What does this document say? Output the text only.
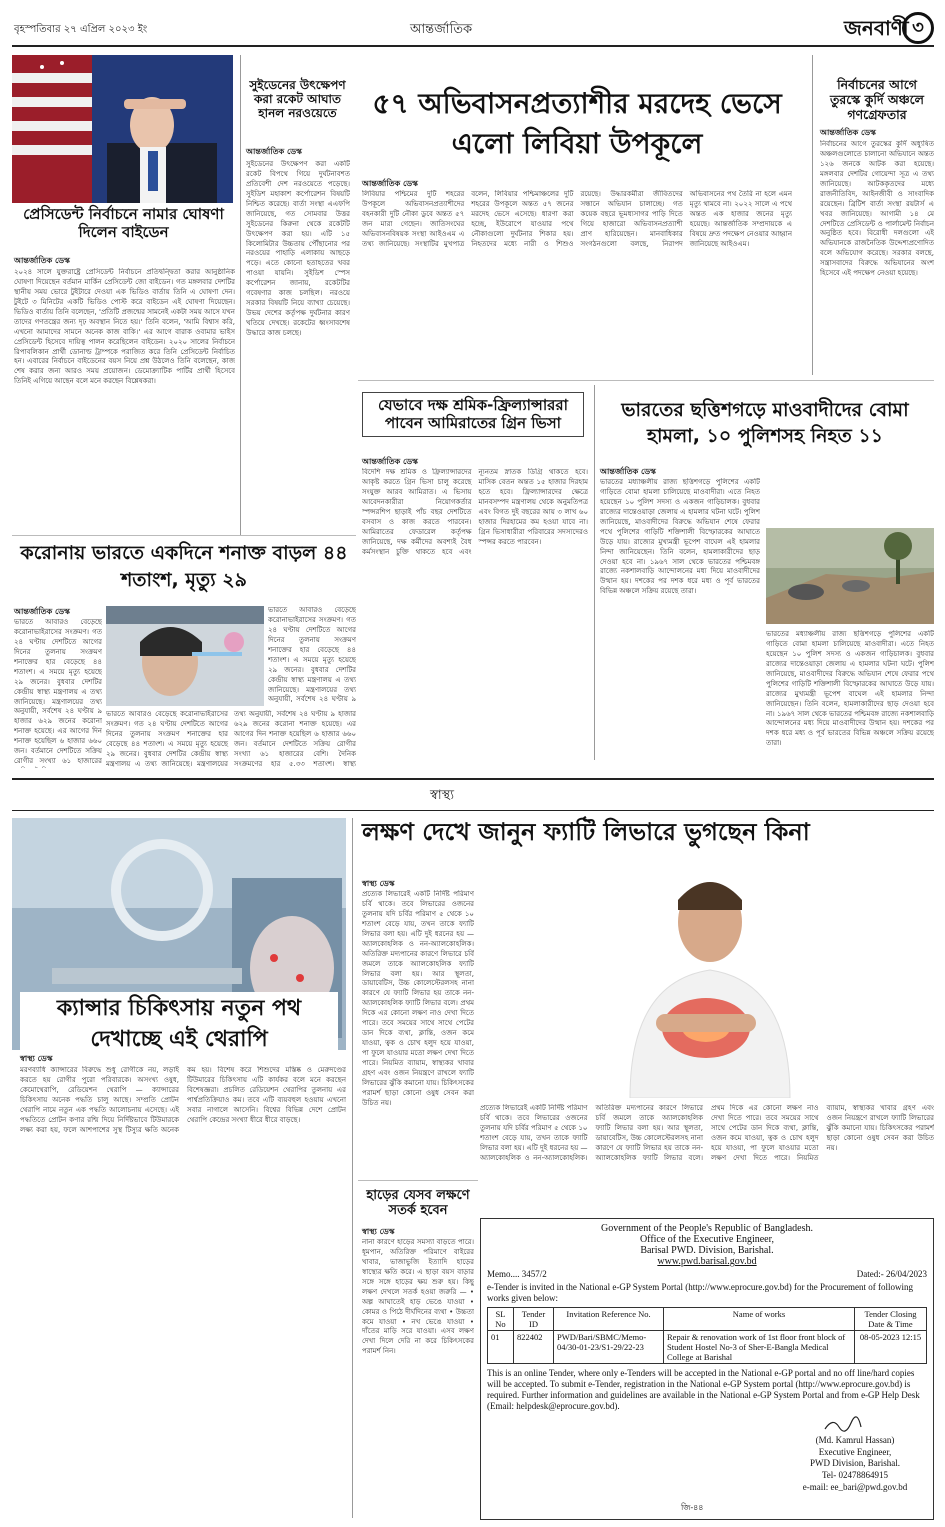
বৃহস্পতিবার ২৭ এপ্রিল ২০২৩ ইং	আন্তর্জাতিক	জনবাণী ৩
প্রেসিডেন্ট নির্বাচনে নামার ঘোষণা দিলেন বাইডেন
আন্তর্জাতিক ডেস্ক
২০২৪ সালে যুক্তরাষ্ট্রে প্রেসিডেন্ট নির্বাচনে প্রতিদ্বন্দ্বিতা করার আনুষ্ঠানিক ঘোষণা দিয়েছেন বর্তমান মার্কিন প্রেসিডেন্ট জো বাইডেন। গত মঙ্গলবার দেশটির স্থানীয় সময় ভোরে টুইটারে দেওয়া এক ভিডিও বার্তায় তিনি এ ঘোষণা দেন। টুইটে ৩ মিনিটের একটি ভিডিও পোস্ট করে বাইডেন এই ঘোষণা দিয়েছেন। ভিডিও বার্তায় তিনি বলেছেন, 'প্রতিটি প্রজন্মের সামনেই একটা সময় আসে যখন তাদের গণতন্ত্রের জন্য দৃঢ় অবস্থান নিতে হয়।' তিনি বলেন, 'আমি বিশ্বাস করি, এখনো আমাদের সামনে অনেক কাজ বাকি।' এর আগে বারাক ওবামার ভাইস প্রেসিডেন্ট হিসেবে দায়িত্ব পালন করেছিলেন বাইডেন। ২০২০ সালের নির্বাচনে রিপাবলিকান প্রার্থী ডোনাল্ড ট্রাম্পকে পরাজিত করে তিনি প্রেসিডেন্ট নির্বাচিত হন। এবারের নির্বাচনে বাইডেনের বয়স নিয়ে প্রশ্ন উঠলেও তিনি বলেছেন, কাজ শেষ করার জন্য আরও সময় প্রয়োজন। ডেমোক্র্যাটিক পার্টির প্রার্থী হিসেবে তিনিই এগিয়ে আছেন বলে মনে করছেন বিশ্লেষকরা।
সুইডেনের উৎক্ষেপণ করা রকেট আঘাত হানল নরওয়েতে
আন্তর্জাতিক ডেস্ক
সুইডেনের উৎক্ষেপণ করা একটি রকেট বিপথে গিয়ে দুর্ঘটনাবশত প্রতিবেশী দেশ নরওয়েতে পড়েছে। সুইডিশ মহাকাশ কর্পোরেশন বিষয়টি নিশ্চিত করেছে। বার্তা সংস্থা এএফপি জানিয়েছে, গত সোমবার উত্তর সুইডেনের কিরুনা থেকে রকেটটি উৎক্ষেপণ করা হয়। এটি ১৫ কিলোমিটার উচ্চতায় পৌঁছানোর পর নরওয়ের পাহাড়ি এলাকায় আছড়ে পড়ে। এতে কোনো হতাহতের খবর পাওয়া যায়নি। সুইডিশ স্পেস কর্পোরেশন জানায়, রকেটটির গবেষণার কাজ চলছিল। নরওয়ে সরকার বিষয়টি নিয়ে ব্যাখ্যা চেয়েছে। উভয় দেশের কর্তৃপক্ষ দুর্ঘটনার কারণ খতিয়ে দেখছে। রকেটের ধ্বংসাবশেষ উদ্ধারে কাজ চলছে।
৫৭ অভিবাসনপ্রত্যাশীর মরদেহ ভেসে এলো লিবিয়া উপকূলে
আন্তর্জাতিক ডেস্ক
লিবিয়ার পশ্চিমের দুটি শহরের উপকূলে অভিবাসনপ্রত্যাশীদের বহনকারী দুটি নৌকা ডুবে অন্তত ৫৭ জন মারা গেছেন। জাতিসংঘের অভিবাসনবিষয়ক সংস্থা আইওএম এ তথ্য জানিয়েছে। সংস্থাটির মুখপাত্র বলেন, লিবিয়ার পশ্চিমাঞ্চলের দুটি শহরের উপকূলে অন্তত ৫৭ জনের মরদেহ ভেসে এসেছে। ধারণা করা হচ্ছে, ইউরোপে যাওয়ার পথে নৌকাগুলো দুর্ঘটনার শিকার হয়। নিহতদের মধ্যে নারী ও শিশুও রয়েছে। উদ্ধারকর্মীরা জীবিতদের সন্ধানে অভিযান চালাচ্ছে। গত কয়েক বছরে ভূমধ্যসাগর পাড়ি দিতে গিয়ে হাজারো অভিবাসনপ্রত্যাশী প্রাণ হারিয়েছেন। মানবাধিকার সংগঠনগুলো বলছে, নিরাপদ অভিবাসনের পথ তৈরি না হলে এমন মৃত্যু থামবে না। ২০২২ সালে এ পথে অন্তত এক হাজার জনের মৃত্যু হয়েছে। আন্তর্জাতিক সম্প্রদায়কে এ বিষয়ে দ্রুত পদক্ষেপ নেওয়ার আহ্বান জানিয়েছে আইওএম।
নির্বাচনের আগে তুরস্কে কুর্দি অঞ্চলে গণগ্রেফতার
আন্তর্জাতিক ডেস্ক
নির্বাচনের আগে তুরস্কের কুর্দি অধ্যুষিত অঞ্চলগুলোতে চালানো অভিযানে অন্তত ১২৬ জনকে আটক করা হয়েছে। মঙ্গলবার দেশটির গোয়েন্দা সূত্র এ তথ্য জানিয়েছে। আটককৃতদের মধ্যে রাজনীতিবিদ, আইনজীবী ও সাংবাদিক রয়েছেন। ব্রিটিশ বার্তা সংস্থা রয়টার্স এ খবর জানিয়েছে। আগামী ১৪ মে দেশটিতে প্রেসিডেন্ট ও পার্লামেন্ট নির্বাচন অনুষ্ঠিত হবে। বিরোধী দলগুলো এই অভিযানকে রাজনৈতিক উদ্দেশ্যপ্রণোদিত বলে অভিযোগ করেছে। সরকার বলছে, সন্ত্রাসবাদের বিরুদ্ধে অভিযানের অংশ হিসেবে এই পদক্ষেপ নেওয়া হয়েছে।
যেভাবে দক্ষ শ্রমিক-ফ্রিল্যান্সাররা পাবেন আমিরাতের গ্রিন ভিসা
আন্তর্জাতিক ডেস্ক
বিদেশি দক্ষ শ্রমিক ও ফ্রিল্যান্সারদের আকৃষ্ট করতে গ্রিন ভিসা চালু করেছে সংযুক্ত আরব আমিরাত। এ ভিসায় আবেদনকারীরা নিয়োগকর্তার স্পন্সরশিপ ছাড়াই পাঁচ বছর দেশটিতে বসবাস ও কাজ করতে পারবেন। আমিরাতের ফেডারেল কর্তৃপক্ষ জানিয়েছে, দক্ষ কর্মীদের অবশ্যই বৈধ কর্মসংস্থান চুক্তি থাকতে হবে এবং ন্যূনতম স্নাতক ডিগ্রি থাকতে হবে। মাসিক বেতন অন্তত ১৫ হাজার দিরহাম হতে হবে। ফ্রিল্যান্সারদের ক্ষেত্রে মানবসম্পদ মন্ত্রণালয় থেকে অনুমতিপত্র এবং বিগত দুই বছরের আয় ৩ লাখ ৬০ হাজার দিরহামের কম হওয়া যাবে না। গ্রিন ভিসাধারীরা পরিবারের সদস্যদেরও স্পন্সর করতে পারবেন।
ভারতের ছত্তিশগড়ে মাওবাদীদের বোমা হামলা, ১০ পুলিশসহ নিহত ১১
আন্তর্জাতিক ডেস্ক
ভারতের মধ্যাঞ্চলীয় রাজ্য ছত্তিশগড়ে পুলিশের একটি গাড়িতে বোমা হামলা চালিয়েছে মাওবাদীরা। এতে নিহত হয়েছেন ১০ পুলিশ সদস্য ও একজন গাড়িচালক। বুধবার রাজ্যের দান্তেওয়াড়া জেলায় এ হামলার ঘটনা ঘটে। পুলিশ জানিয়েছে, মাওবাদীদের বিরুদ্ধে অভিযান শেষে ফেরার পথে পুলিশের গাড়িটি শক্তিশালী বিস্ফোরকের আঘাতে উড়ে যায়। রাজ্যের মুখ্যমন্ত্রী ভূপেশ বাঘেল এই হামলার নিন্দা জানিয়েছেন। তিনি বলেন, হামলাকারীদের ছাড় দেওয়া হবে না। ১৯৬৭ সাল থেকে ভারতের পশ্চিমবঙ্গ রাজ্যে নকশালবাড়ি আন্দোলনের মধ্য দিয়ে মাওবাদীদের উত্থান হয়। দশকের পর দশক ধরে মধ্য ও পূর্ব ভারতের বিভিন্ন অঞ্চলে সক্রিয় রয়েছে তারা।
ভারতের মধ্যাঞ্চলীয় রাজ্য ছত্তিশগড়ে পুলিশের একটি গাড়িতে বোমা হামলা চালিয়েছে মাওবাদীরা। এতে নিহত হয়েছেন ১০ পুলিশ সদস্য ও একজন গাড়িচালক। বুধবার রাজ্যের দান্তেওয়াড়া জেলায় এ হামলার ঘটনা ঘটে। পুলিশ জানিয়েছে, মাওবাদীদের বিরুদ্ধে অভিযান শেষে ফেরার পথে পুলিশের গাড়িটি শক্তিশালী বিস্ফোরকের আঘাতে উড়ে যায়। রাজ্যের মুখ্যমন্ত্রী ভূপেশ বাঘেল এই হামলার নিন্দা জানিয়েছেন। তিনি বলেন, হামলাকারীদের ছাড় দেওয়া হবে না। ১৯৬৭ সাল থেকে ভারতের পশ্চিমবঙ্গ রাজ্যে নকশালবাড়ি আন্দোলনের মধ্য দিয়ে মাওবাদীদের উত্থান হয়। দশকের পর দশক ধরে মধ্য ও পূর্ব ভারতের বিভিন্ন অঞ্চলে সক্রিয় রয়েছে তারা।
করোনায় ভারতে একদিনে শনাক্ত বাড়ল ৪৪ শতাংশ, মৃত্যু ২৯
আন্তর্জাতিক ডেস্ক
ভারতে আবারও বেড়েছে করোনাভাইরাসের সংক্রমণ। গত ২৪ ঘণ্টায় দেশটিতে আগের দিনের তুলনায় সংক্রমণ শনাক্তের হার বেড়েছে ৪৪ শতাংশ। এ সময়ে মৃত্যু হয়েছে ২৯ জনের। বুধবার দেশটির কেন্দ্রীয় স্বাস্থ্য মন্ত্রণালয় এ তথ্য জানিয়েছে। মন্ত্রণালয়ের তথ্য অনুযায়ী, সর্বশেষ ২৪ ঘণ্টায় ৯ হাজার ৬২৯ জনের করোনা শনাক্ত হয়েছে। এর আগের দিন শনাক্ত হয়েছিল ৬ হাজার ৬৬০ জন। বর্তমানে দেশটিতে সক্রিয় রোগীর সংখ্যা ৬১ হাজারের
ভারতে আবারও বেড়েছে করোনাভাইরাসের সংক্রমণ। গত ২৪ ঘণ্টায় দেশটিতে আগের দিনের তুলনায় সংক্রমণ শনাক্তের হার বেড়েছে ৪৪ শতাংশ। এ সময়ে মৃত্যু হয়েছে ২৯ জনের। বুধবার দেশটির কেন্দ্রীয় স্বাস্থ্য মন্ত্রণালয় এ তথ্য জানিয়েছে। মন্ত্রণালয়ের তথ্য অনুযায়ী, সর্বশেষ ২৪ ঘণ্টায় ৯
ভারতে আবারও বেড়েছে করোনাভাইরাসের সংক্রমণ। গত ২৪ ঘণ্টায় দেশটিতে আগের দিনের তুলনায় সংক্রমণ শনাক্তের হার বেড়েছে ৪৪ শতাংশ। এ সময়ে মৃত্যু হয়েছে ২৯ জনের। বুধবার দেশটির কেন্দ্রীয় স্বাস্থ্য মন্ত্রণালয় এ তথ্য জানিয়েছে। মন্ত্রণালয়ের তথ্য অনুযায়ী, সর্বশেষ ২৪ ঘণ্টায় ৯ হাজার ৬২৯ জনের করোনা শনাক্ত হয়েছে। এর আগের দিন শনাক্ত হয়েছিল ৬ হাজার ৬৬০ জন। বর্তমানে দেশটিতে সক্রিয় রোগীর সংখ্যা ৬১ হাজারের বেশি। দৈনিক সংক্রমণের হার ৫.৩৩ শতাংশ। স্বাস্থ্য
স্বাস্থ্য
ক্যান্সার চিকিৎসায় নতুন পথ দেখাচ্ছে এই থেরাপি
স্বাস্থ্য ডেস্ক
মরণব্যাধি ক্যান্সারের বিরুদ্ধে শুধু রোগীকে নয়, লড়াই করতে হয় রোগীর পুরো পরিবারকে। অসংখ্য ওষুধ, কেমোথেরাপি, রেডিয়েশন থেরাপি — ক্যান্সারের চিকিৎসায় অনেক পদ্ধতি চালু আছে। সম্প্রতি প্রোটন থেরাপি নামে নতুন এক পদ্ধতি আলোচনায় এসেছে। এই পদ্ধতিতে প্রোটন কণার রশ্মি দিয়ে নির্দিষ্টভাবে টিউমারকে লক্ষ্য করা হয়, ফলে আশপাশের সুস্থ টিস্যুর ক্ষতি অনেক কম হয়। বিশেষ করে শিশুদের মস্তিষ্ক ও মেরুদণ্ডের টিউমারের চিকিৎসায় এটি কার্যকর বলে মনে করছেন বিশেষজ্ঞরা। প্রচলিত রেডিয়েশন থেরাপির তুলনায় এর পার্শ্বপ্রতিক্রিয়াও কম। তবে এটি ব্যয়বহুল হওয়ায় এখনো সবার নাগালে আসেনি। বিশ্বের বিভিন্ন দেশে প্রোটন থেরাপি কেন্দ্রের সংখ্যা ধীরে ধীরে বাড়ছে।
লক্ষণ দেখে জানুন ফ্যাটি লিভারে ভুগছেন কিনা
স্বাস্থ্য ডেস্ক
প্রত্যেক লিভারেই একটি নির্দিষ্ট পরিমাণ চর্বি থাকে। তবে লিভারের ওজনের তুলনায় যদি চর্বির পরিমাণ ৫ থেকে ১০ শতাংশ বেড়ে যায়, তখন তাকে ফ্যাটি লিভার বলা হয়। এটি দুই ধরনের হয় — অ্যালকোহলিক ও নন-অ্যালকোহলিক। অতিরিক্ত মদ্যপানের কারণে লিভারে চর্বি জমলে তাকে অ্যালকোহলিক ফ্যাটি লিভার বলা হয়। আর স্থূলতা, ডায়াবেটিস, উচ্চ কোলেস্টেরলসহ নানা কারণে যে ফ্যাটি লিভার হয় তাকে নন-অ্যালকোহলিক ফ্যাটি লিভার বলে। প্রথম দিকে এর কোনো লক্ষণ নাও দেখা দিতে পারে। তবে সময়ের সাথে সাথে পেটের ডান দিকে ব্যথা, ক্লান্তি, ওজন কমে যাওয়া, ত্বক ও চোখ হলুদ হয়ে যাওয়া, পা ফুলে যাওয়ার মতো লক্ষণ দেখা দিতে পারে। নিয়মিত ব্যায়াম, স্বাস্থ্যকর খাবার গ্রহণ এবং ওজন নিয়ন্ত্রণে রাখলে ফ্যাটি লিভারের ঝুঁকি কমানো যায়। চিকিৎসকের পরামর্শ ছাড়া কোনো ওষুধ সেবন করা উচিত নয়।
প্রত্যেক লিভারেই একটি নির্দিষ্ট পরিমাণ চর্বি থাকে। তবে লিভারের ওজনের তুলনায় যদি চর্বির পরিমাণ ৫ থেকে ১০ শতাংশ বেড়ে যায়, তখন তাকে ফ্যাটি লিভার বলা হয়। এটি দুই ধরনের হয় — অ্যালকোহলিক ও নন-অ্যালকোহলিক। অতিরিক্ত মদ্যপানের কারণে লিভারে চর্বি জমলে তাকে অ্যালকোহলিক ফ্যাটি লিভার বলা হয়। আর স্থূলতা, ডায়াবেটিস, উচ্চ কোলেস্টেরলসহ নানা কারণে যে ফ্যাটি লিভার হয় তাকে নন-অ্যালকোহলিক ফ্যাটি লিভার বলে। প্রথম দিকে এর কোনো লক্ষণ নাও দেখা দিতে পারে। তবে সময়ের সাথে সাথে পেটের ডান দিকে ব্যথা, ক্লান্তি, ওজন কমে যাওয়া, ত্বক ও চোখ হলুদ হয়ে যাওয়া, পা ফুলে যাওয়ার মতো লক্ষণ দেখা দিতে পারে। নিয়মিত ব্যায়াম, স্বাস্থ্যকর খাবার গ্রহণ এবং ওজন নিয়ন্ত্রণে রাখলে ফ্যাটি লিভারের ঝুঁকি কমানো যায়। চিকিৎসকের পরামর্শ ছাড়া কোনো ওষুধ সেবন করা উচিত নয়।
হাড়ের যেসব লক্ষণে সতর্ক হবেন
স্বাস্থ্য ডেস্ক
নানা কারণে হাড়ের সমস্যা বাড়তে পারে। ধূমপান, অতিরিক্ত পরিমাণে বাইরের খাবার, ভাজাভুজি ইত্যাদি হাড়ের স্বাস্থ্যের ক্ষতি করে। এ ছাড়া বয়স বাড়ার সঙ্গে সঙ্গে হাড়ের ক্ষয় শুরু হয়। কিছু লক্ষণ দেখলে সতর্ক হওয়া জরুরি — • অল্প আঘাতেই হাড় ভেঙে যাওয়া • কোমর ও পিঠে দীর্ঘদিনের ব্যথা • উচ্চতা কমে যাওয়া • নখ ভেঙে যাওয়া • দাঁতের মাড়ি সরে যাওয়া। এসব লক্ষণ দেখা দিলে দেরি না করে চিকিৎসকের পরামর্শ নিন।
Government of the People's Republic of Bangladesh.
Office of the Executive Engineer,
Barisal PWD. Division, Barishal.
www.pwd.barisal.gov.bd
Memo.... 3457/2	Dated:- 26/04/2023
e-Tender is invited in the National e-GP System Portal (http://www.eprocure.gov.bd) for the Procurement of following works given below:
SL No	Tender ID	Invitation Reference No.	Name of works	Tender Closing Date & Time
01	822402	PWD/Bari/SBMC/Memo-04/30-01-23/S1-29/22-23	Repair & renovation work of 1st floor front block of Student Hostel No-3 of Sher-E-Bangla Medical College at Barishal	08-05-2023 12:15
This is an online Tender, where only e-Tenders will be accepted in the National e-GP portal and no off line/hard copies will be accepted. To submit e-Tender, registration in the National e-GP System portal (http://www.eprocure.gov.bd) is required. Further information and guidelines are available in the National e-GP System Portal and from e-GP Help Desk (Email: helpdesk@eprocure.gov.bd).
(Md. Kamrul Hassan)
Executive Engineer,
PWD Division, Barishal.
Tel- 02478864915
e-mail: ee_bari@pwd.gov.bd
জি-৪৪
